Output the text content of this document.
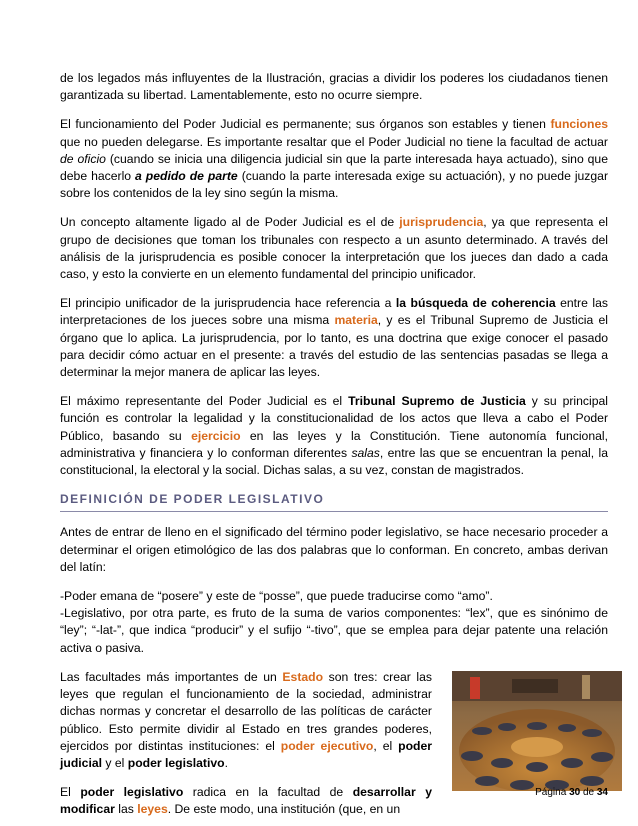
de los legados más influyentes de la Ilustración, gracias a dividir los poderes los ciudadanos tienen garantizada su libertad. Lamentablemente, esto no ocurre siempre.

El funcionamiento del Poder Judicial es permanente; sus órganos son estables y tienen funciones que no pueden delegarse. Es importante resaltar que el Poder Judicial no tiene la facultad de actuar de oficio (cuando se inicia una diligencia judicial sin que la parte interesada haya actuado), sino que debe hacerlo a pedido de parte (cuando la parte interesada exige su actuación), y no puede juzgar sobre los contenidos de la ley sino según la misma.

Un concepto altamente ligado al de Poder Judicial es el de jurisprudencia, ya que representa el grupo de decisiones que toman los tribunales con respecto a un asunto determinado. A través del análisis de la jurisprudencia es posible conocer la interpretación que los jueces dan dado a cada caso, y esto la convierte en un elemento fundamental del principio unificador.

El principio unificador de la jurisprudencia hace referencia a la búsqueda de coherencia entre las interpretaciones de los jueces sobre una misma materia, y es el Tribunal Supremo de Justicia el órgano que lo aplica. La jurisprudencia, por lo tanto, es una doctrina que exige conocer el pasado para decidir cómo actuar en el presente: a través del estudio de las sentencias pasadas se llega a determinar la mejor manera de aplicar las leyes.

El máximo representante del Poder Judicial es el Tribunal Supremo de Justicia y su principal función es controlar la legalidad y la constitucionalidad de los actos que lleva a cabo el Poder Público, basando su ejercicio en las leyes y la Constitución. Tiene autonomía funcional, administrativa y financiera y lo conforman diferentes salas, entre las que se encuentran la penal, la constitucional, la electoral y la social. Dichas salas, a su vez, constan de magistrados.

DEFINICIÓN DE PODER LEGISLATIVO

Antes de entrar de lleno en el significado del término poder legislativo, se hace necesario proceder a determinar el origen etimológico de las dos palabras que lo conforman. En concreto, ambas derivan del latín:

-Poder emana de “posere” y este de “posse”, que puede traducirse como “amo”.
-Legislativo, por otra parte, es fruto de la suma de varios componentes: “lex”, que es sinónimo de “ley”; “-lat-”, que indica “producir” y el sufijo “-tivo”, que se emplea para dejar patente una relación activa o pasiva.

Las facultades más importantes de un Estado son tres: crear las leyes que regulan el funcionamiento de la sociedad, administrar dichas normas y concretar el desarrollo de las políticas de carácter público. Esto permite dividir al Estado en tres grandes poderes, ejercidos por distintas instituciones: el poder ejecutivo, el poder judicial y el poder legislativo.

El poder legislativo radica en la facultad de desarrollar y modificar las leyes. De este modo, una institución (que, en un

Página 30 de 34
